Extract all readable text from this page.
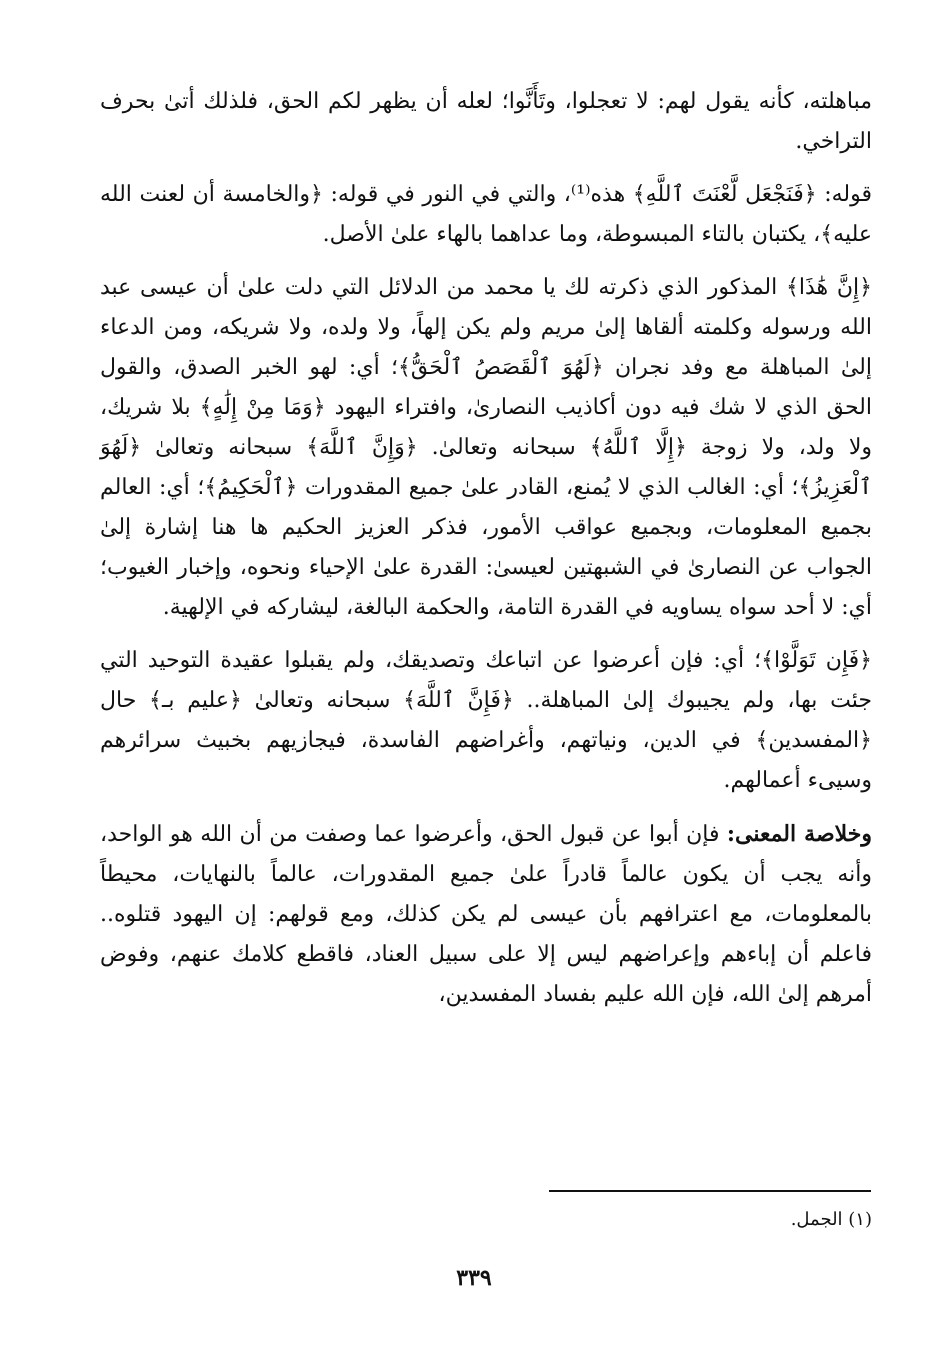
مباهلته، كأنه يقول لهم: لا تعجلوا، وتَأَنَّوا؛ لعله أن يظهر لكم الحق، فلذلك أتىٰ بحرف التراخي.

قوله: ﴿فَنَجْعَل لَّعْنَتَ ٱللَّهِ﴾ هذه⁽¹⁾، والتي في النور في قوله: ﴿والخامسة أن لعنت الله عليه﴾، يكتبان بالتاء المبسوطة، وما عداهما بالهاء علىٰ الأصل.

﴿إِنَّ هَٰذَا﴾ المذكور الذي ذكرته لك يا محمد من الدلائل التي دلت علىٰ أن عيسى عبد الله ورسوله وكلمته ألقاها إلىٰ مريم ولم يكن إلهاً، ولا ولده، ولا شريكه، ومن الدعاء إلىٰ المباهلة مع وفد نجران ﴿لَهُوَ ٱلْقَصَصُ ٱلْحَقُّ﴾؛ أي: لهو الخبر الصدق، والقول الحق الذي لا شك فيه دون أكاذيب النصارىٰ، وافتراء اليهود ﴿وَمَا مِنْ إِلَٰهٍ﴾ بلا شريك، ولا ولد، ولا زوجة ﴿إِلَّا ٱللَّهُ﴾ سبحانه وتعالىٰ. ﴿وَإِنَّ ٱللَّهَ﴾ سبحانه وتعالىٰ ﴿لَهُوَ ٱلْعَزِيزُ﴾؛ أي: الغالب الذي لا يُمنع، القادر علىٰ جميع المقدورات ﴿ٱلْحَكِيمُ﴾؛ أي: العالم بجميع المعلومات، وبجميع عواقب الأمور، فذكر العزيز الحكيم ها هنا إشارة إلىٰ الجواب عن النصارىٰ في الشبهتين لعيسىٰ: القدرة علىٰ الإحياء ونحوه، وإخبار الغيوب؛ أي: لا أحد سواه يساويه في القدرة التامة، والحكمة البالغة، ليشاركه في الإلهية.

﴿فَإِن تَوَلَّوْا﴾؛ أي: فإن أعرضوا عن اتباعك وتصديقك، ولم يقبلوا عقيدة التوحيد التي جئت بها، ولم يجيبوك إلىٰ المباهلة.. ﴿فَإِنَّ ٱللَّهَ﴾ سبحانه وتعالىٰ ﴿عليم بـ﴾ حال ﴿المفسدين﴾ في الدين، ونياتهم، وأغراضهم الفاسدة، فيجازيهم بخبيث سرائرهم وسيىء أعمالهم.

وخلاصة المعنى: فإن أبوا عن قبول الحق، وأعرضوا عما وصفت من أن الله هو الواحد، وأنه يجب أن يكون عالماً قادراً علىٰ جميع المقدورات، عالماً بالنهايات، محيطاً بالمعلومات، مع اعترافهم بأن عيسى لم يكن كذلك، ومع قولهم: إن اليهود قتلوه.. فاعلم أن إباءهم وإعراضهم ليس إلا على سبيل العناد، فاقطع كلامك عنهم، وفوض أمرهم إلىٰ الله، فإن الله عليم بفساد المفسدين،

(١) الجمل.
٣٣٩
